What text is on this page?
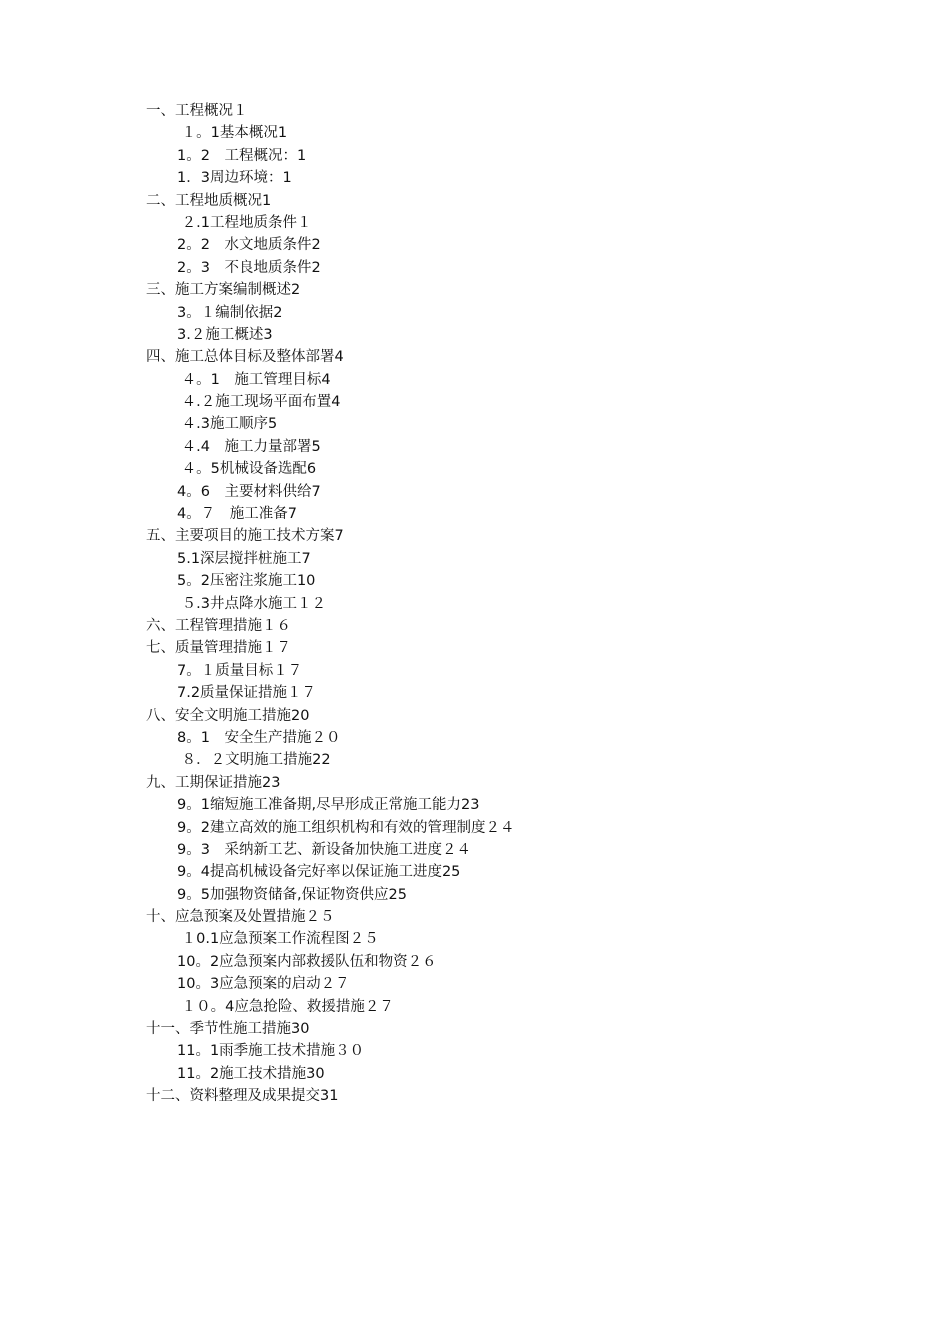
一、工程概况１
１。1基本概况1
1。2　工程概况：1
1．3周边环境：1
二、工程地质概况1
２.1工程地质条件１
2。2　水文地质条件2
2。3　不良地质条件2
三、施工方案编制概述2
3。１编制依据2
3.２施工概述3
四、施工总体目标及整体部署4
４。1　施工管理目标4
４.２施工现场平面布置4
４.3施工顺序5
４.4　施工力量部署5
４。5机械设备选配6
4。6　主要材料供给7
4。７　施工准备7
五、主要项目的施工技术方案7
5.1深层搅拌桩施工7
5。2压密注浆施工10
５.3井点降水施工１２
六、工程管理措施１６
七、质量管理措施１７
7。１质量目标１７
7.2质量保证措施１７
八、安全文明施工措施20
8。1　安全生产措施２０
８．２文明施工措施22
九、工期保证措施23
9。1缩短施工准备期,尽早形成正常施工能力23
9。2建立高效的施工组织机构和有效的管理制度２４
9。3　采纳新工艺、新设备加快施工进度２４
9。4提高机械设备完好率以保证施工进度25
9。5加强物资储备,保证物资供应25
十、应急预案及处置措施２５
１0.1应急预案工作流程图２５
10。2应急预案内部救援队伍和物资２６
10。3应急预案的启动２７
１０。4应急抢险、救援措施２７
十一、季节性施工措施30
11。1雨季施工技术措施３０
11。2施工技术措施30
十二、资料整理及成果提交31
